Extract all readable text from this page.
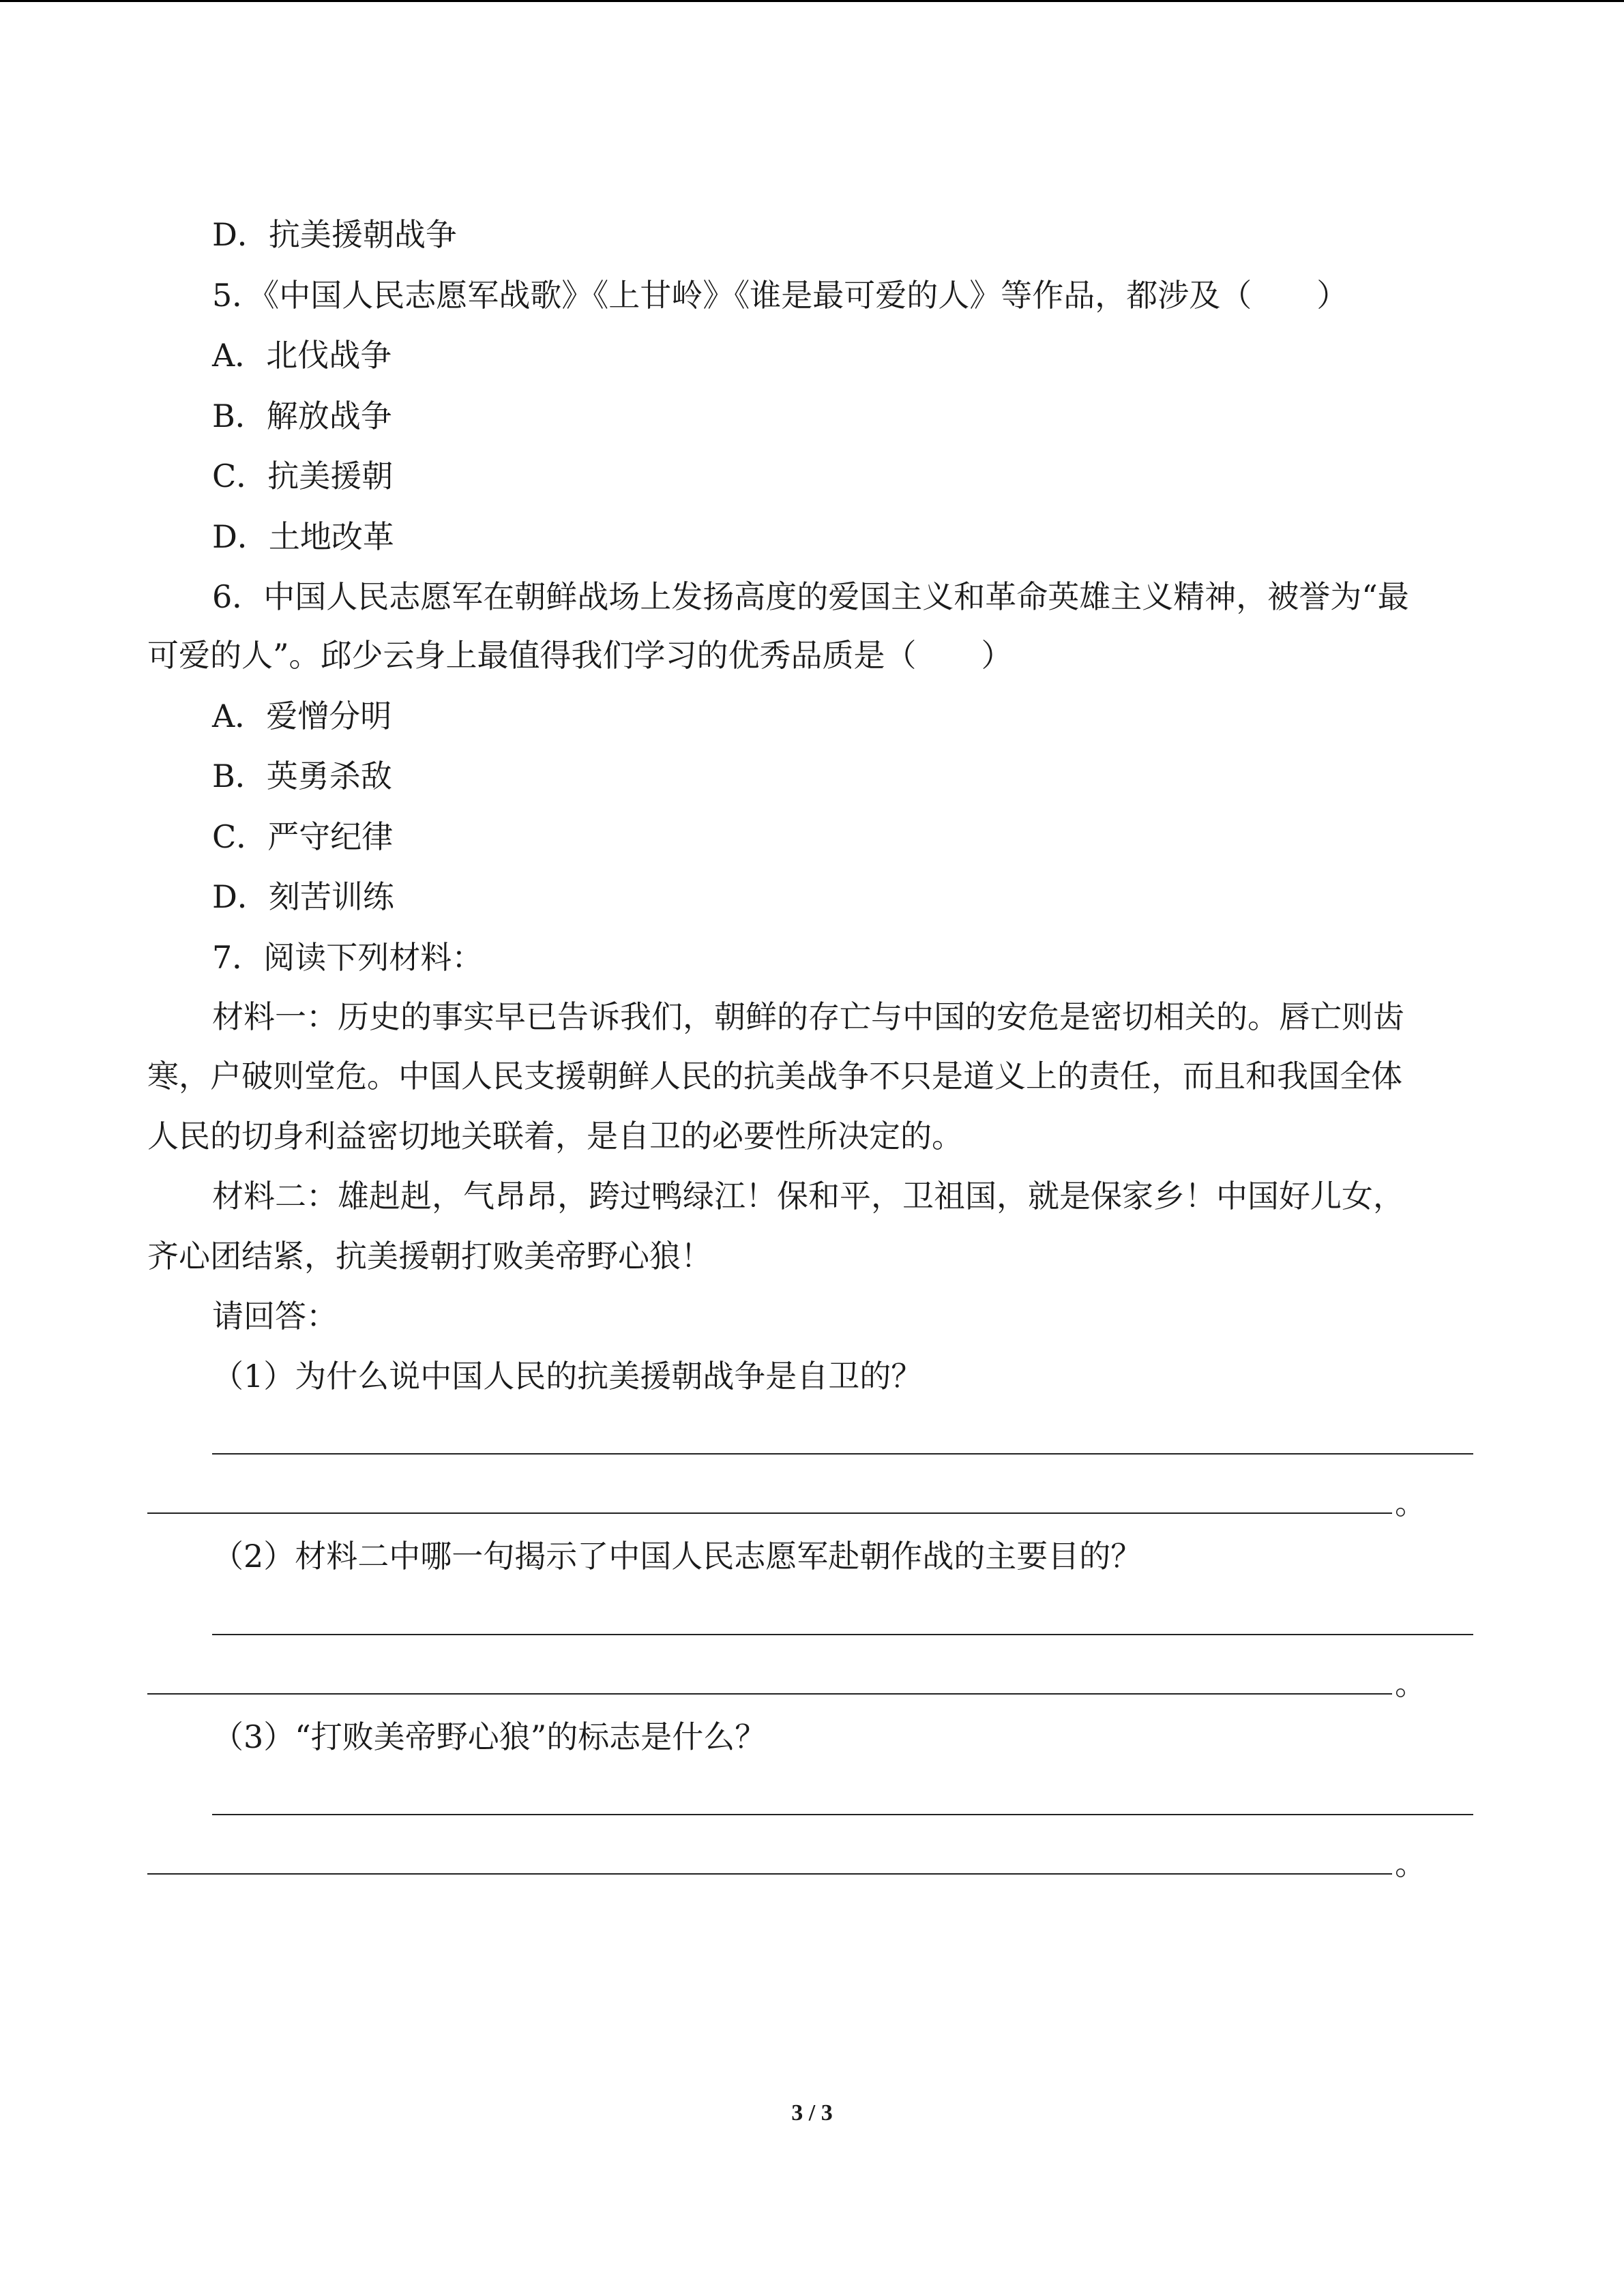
D．抗美援朝战争
5．《中国人民志愿军战歌》《上甘岭》《谁是最可爱的人》等作品，都涉及（ ）
A．北伐战争
B．解放战争
C．抗美援朝
D．土地改革
6．中国人民志愿军在朝鲜战场上发扬高度的爱国主义和革命英雄主义精神，被誉为“最
可爱的人”。邱少云身上最值得我们学习的优秀品质是（ ）
A．爱憎分明
B．英勇杀敌
C．严守纪律
D．刻苦训练
7．阅读下列材料：
材料一：历史的事实早已告诉我们，朝鲜的存亡与中国的安危是密切相关的。唇亡则齿
寒，户破则堂危。中国人民支援朝鲜人民的抗美战争不只是道义上的责任，而且和我国全体
人民的切身利益密切地关联着，是自卫的必要性所决定的。
材料二：雄赳赳，气昂昂，跨过鸭绿江！保和平，卫祖国，就是保家乡！中国好儿女，
齐心团结紧，抗美援朝打败美帝野心狼！
请回答：
（1）为什么说中国人民的抗美援朝战争是自卫的？
。
（2）材料二中哪一句揭示了中国人民志愿军赴朝作战的主要目的？
。
（3）“打败美帝野心狼”的标志是什么？
。
3 / 3
